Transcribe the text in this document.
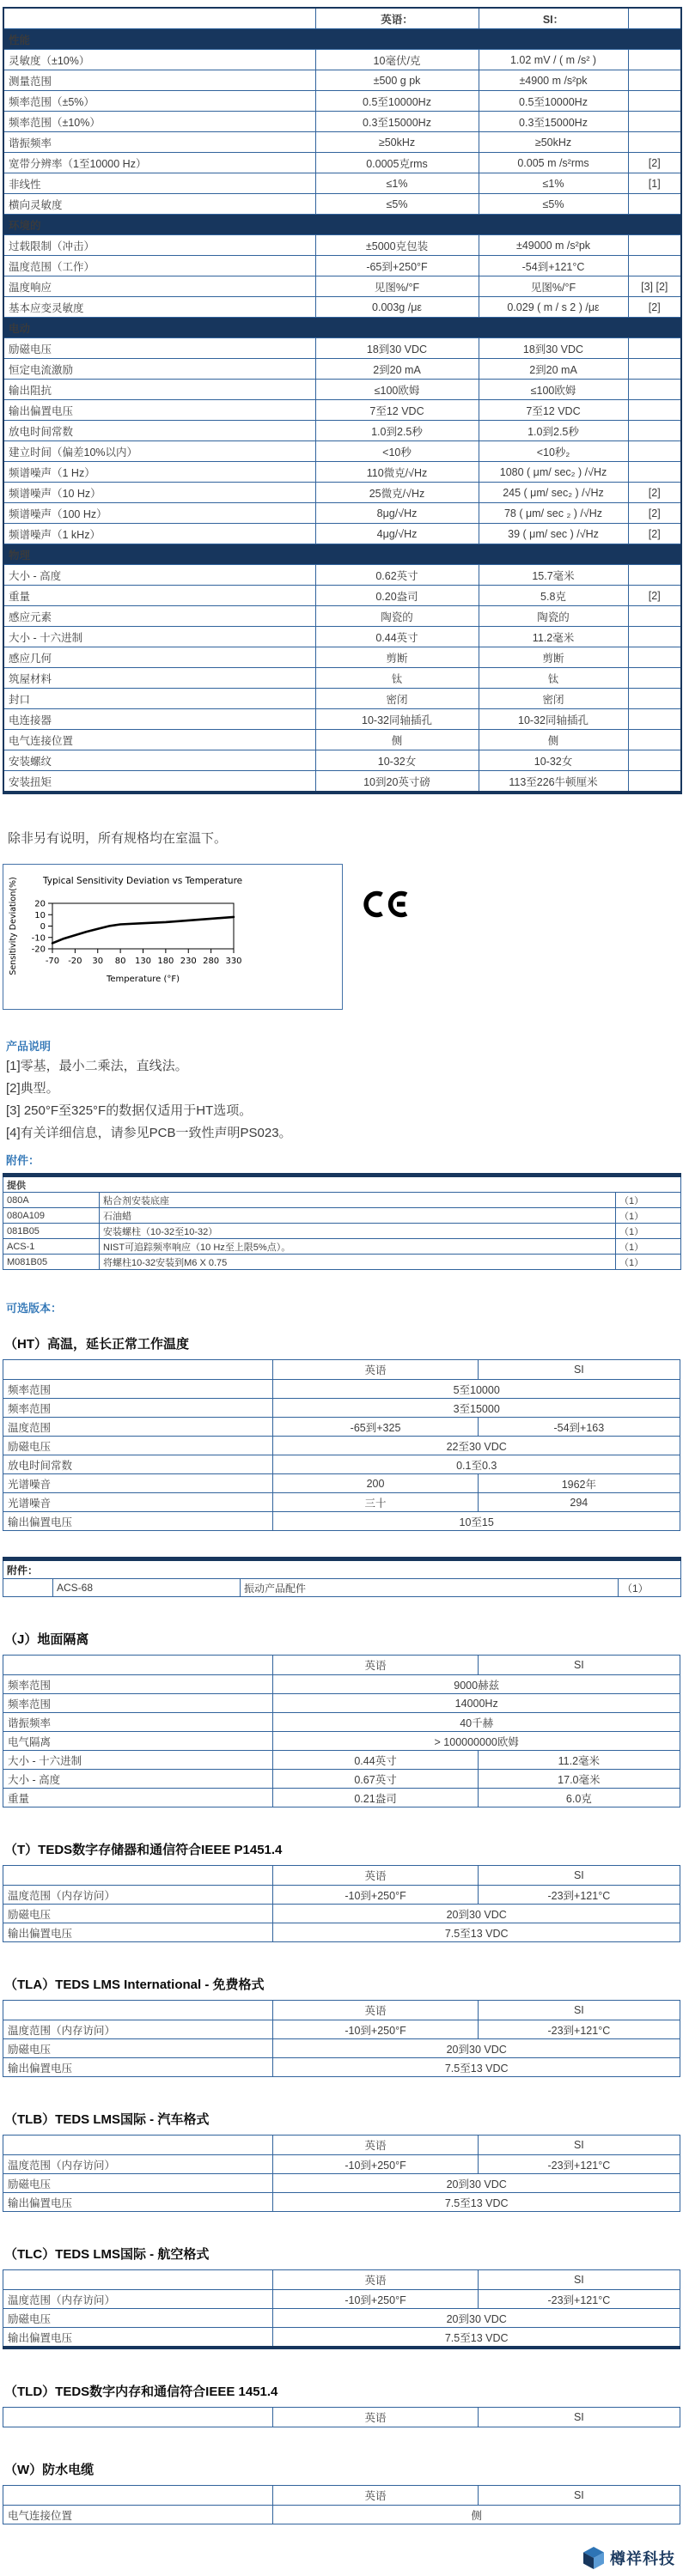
	英语：	SI：	
性能			
灵敏度（±10%）	10毫伏/克	1.02 mV / ( m /s² )	
测量范围	±500 g pk	±4900 m /s²pk	
频率范围（±5%）	0.5至10000Hz	0.5至10000Hz	
频率范围（±10%）	0.3至15000Hz	0.3至15000Hz	
谐振频率	≥50kHz	≥50kHz	
宽带分辨率（1至10000 Hz）	0.0005克rms	0.005 m /s²rms	[2]
非线性	≤1%	≤1%	[1]
横向灵敏度	≤5%	≤5%	
环境的			
过载限制（冲击）	±5000克包装	±49000 m /s²pk	
温度范围（工作）	-65到+250°F	-54到+121°C	
温度响应	见图%/°F	见图%/°F	[3] [2]
基本应变灵敏度	0.003g /με	0.029 ( m / s 2 ) /με	[2]
电动			
励磁电压	18到30 VDC	18到30 VDC	
恒定电流激励	2到20 mA	2到20 mA	
输出阻抗	≤100欧姆	≤100欧姆	
输出偏置电压	7至12 VDC	7至12 VDC	
放电时间常数	1.0到2.5秒	1.0到2.5秒	
建立时间（偏差10%以内）	<10秒	<10秒₂	
频谱噪声（1 Hz）	110微克/√Hz	1080 ( μm/ sec₂ ) /√Hz	
频谱噪声（10 Hz）	25微克/√Hz	245 ( μm/ sec₂ ) /√Hz	[2]
频谱噪声（100 Hz）	8μg/√Hz	78 ( μm/ sec ₂ ) /√Hz	[2]
频谱噪声（1 kHz）	4μg/√Hz	39 ( μm/ sec ) /√Hz	[2]
物理			
大小 - 高度	0.62英寸	15.7毫米	
重量	0.20盎司	5.8克	[2]
感应元素	陶瓷的	陶瓷的	
大小 - 十六进制	0.44英寸	11.2毫米	
感应几何	剪断	剪断	
筑屋材料	钛	钛	
封口	密闭	密闭	
电连接器	10-32同轴插孔	10-32同轴插孔	
电气连接位置	侧	侧	
安装螺纹	10-32女	10-32女	
安装扭矩	10到20英寸磅	113至226牛顿厘米	
除非另有说明，所有规格均在室温下。
Typical Sensitivity Deviation vs Temperature
20
10
0
-10
-20
-70 -20 30 80 130 180 230 280 330
Sensitivity Deviation(%)
Temperature (°F)
产品说明
[1]零基，最小二乘法，直线法。
[2]典型。
[3] 250°F至325°F的数据仅适用于HT选项。
[4]有关详细信息，请参见PCB一致性声明PS023。
附件：
提供		
080A	粘合剂安装底座	（1）
080A109	石油蜡	（1）
081B05	安装螺柱（10-32至10-32）	（1）
ACS-1	NIST可追踪频率响应（10 Hz至上限5%点）。	（1）
M081B05	将螺柱10-32安装到M6 X 0.75	（1）
可选版本：
（HT）高温，延长正常工作温度
	英语	SI
频率范围	5至10000	
频率范围	3至15000	
温度范围	-65到+325	-54到+163
励磁电压	22至30 VDC	
放电时间常数	0.1至0.3	
光谱噪音	200	1962年
光谱噪音	三十	294
输出偏置电压	10至15	
附件：
	ACS-68	振动产品配件	（1）
（J）地面隔离
	英语	SI
频率范围	9000赫兹	
频率范围	14000Hz	
谐振频率	40千赫	
电气隔离	> 100000000欧姆	
大小 - 十六进制	0.44英寸	11.2毫米
大小 - 高度	0.67英寸	17.0毫米
重量	0.21盎司	6.0克
（T）TEDS数字存储器和通信符合IEEE P1451.4
	英语	SI
温度范围（内存访问）	-10到+250°F	-23到+121°C
励磁电压	20到30 VDC	
输出偏置电压	7.5至13 VDC	
（TLA）TEDS LMS International - 免费格式
	英语	SI
温度范围（内存访问）	-10到+250°F	-23到+121°C
励磁电压	20到30 VDC	
输出偏置电压	7.5至13 VDC	
（TLB）TEDS LMS国际 - 汽车格式
	英语	SI
温度范围（内存访问）	-10到+250°F	-23到+121°C
励磁电压	20到30 VDC	
输出偏置电压	7.5至13 VDC	
（TLC）TEDS LMS国际 - 航空格式
	英语	SI
温度范围（内存访问）	-10到+250°F	-23到+121°C
励磁电压	20到30 VDC	
输出偏置电压	7.5至13 VDC	
（TLD）TEDS数字内存和通信符合IEEE 1451.4
	英语	SI
（W）防水电缆
	英语	SI
电气连接位置	侧	
樽祥科技
